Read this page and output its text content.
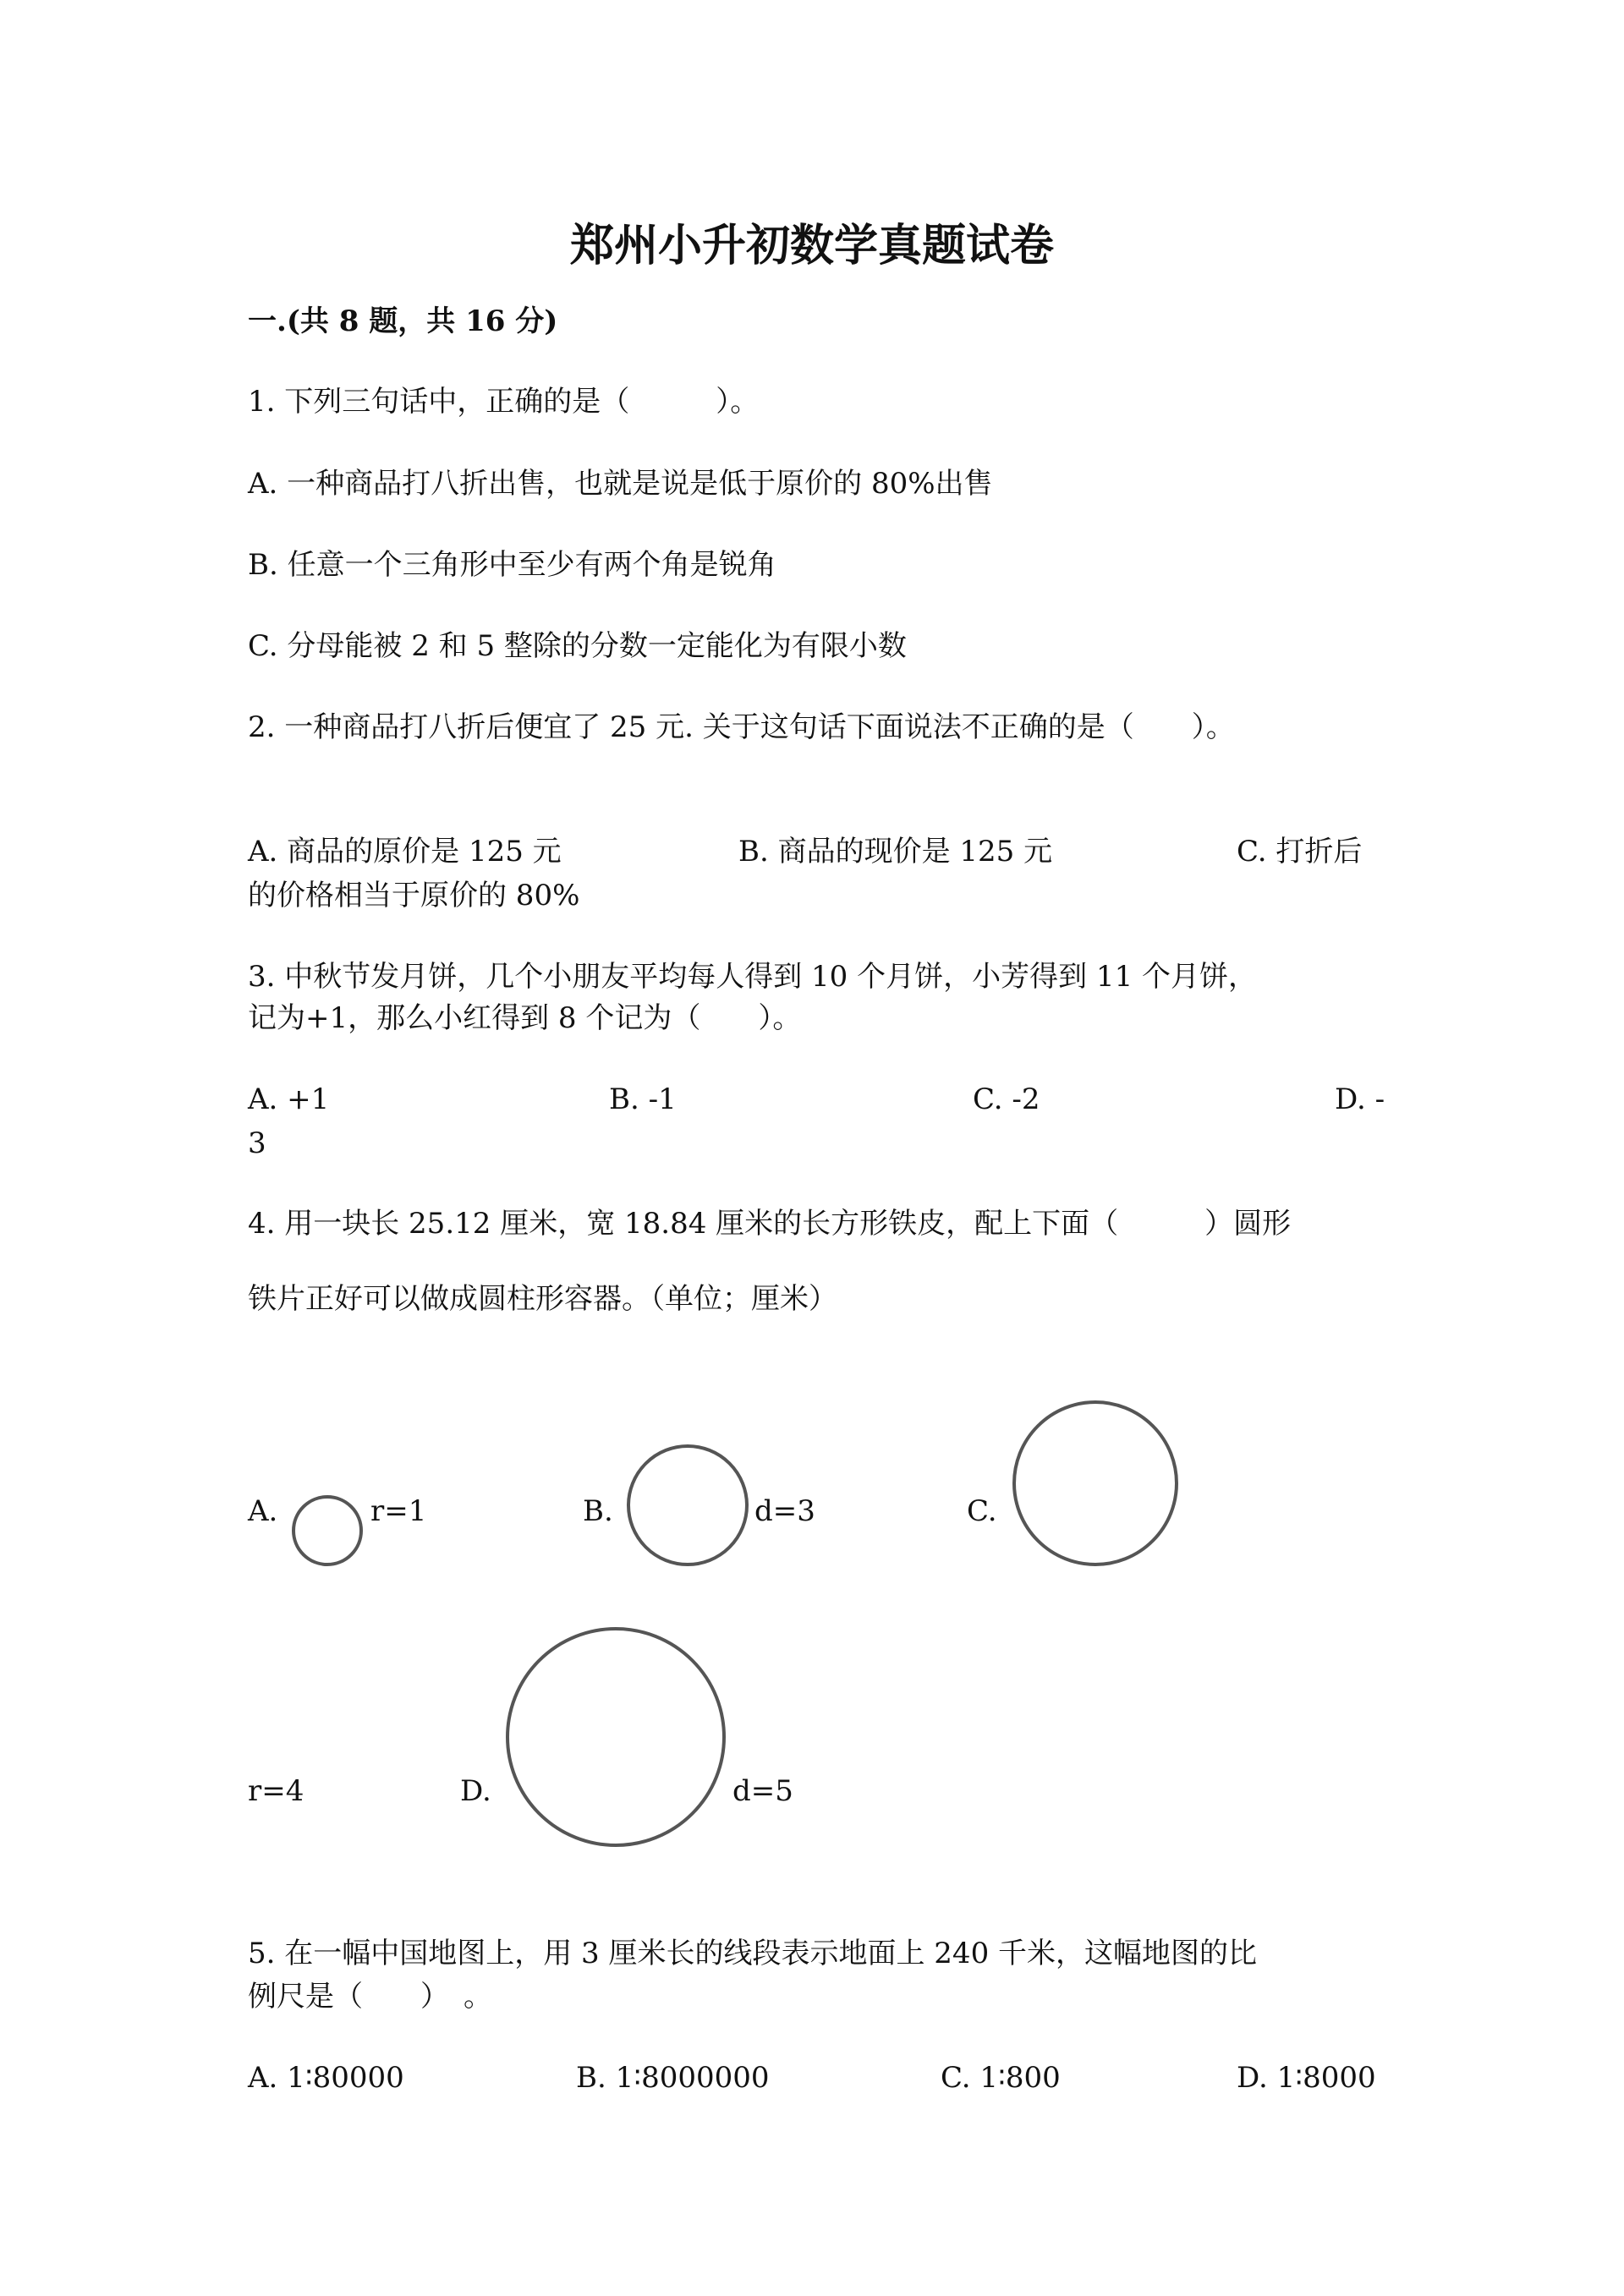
郑州小升初数学真题试卷
一.(共 8 题，共 16 分)
1. 下列三句话中，正确的是（　　　）。
A. 一种商品打八折出售，也就是说是低于原价的 80%出售
B. 任意一个三角形中至少有两个角是锐角
C. 分母能被 2 和 5 整除的分数一定能化为有限小数
2. 一种商品打八折后便宜了 25 元. 关于这句话下面说法不正确的是（　　）。
A. 商品的原价是 125 元	B. 商品的现价是 125 元	C. 打折后
的价格相当于原价的 80%
3. 中秋节发月饼，几个小朋友平均每人得到 10 个月饼，小芳得到 11 个月饼，
记为+1，那么小红得到 8 个记为（　　）。
A. +1	B. -1	C. -2	D. -
3
4. 用一块长 25.12 厘米，宽 18.84 厘米的长方形铁皮，配上下面（　　　）圆形
铁片正好可以做成圆柱形容器。（单位；厘米）
A.	r=1	B.	d=3	C.
r=4	D.	d=5
5. 在一幅中国地图上，用 3 厘米长的线段表示地面上 240 千米，这幅地图的比
例尺是（　　）　。
A. 1∶80000	B. 1∶8000000	C. 1∶800	D. 1∶8000
